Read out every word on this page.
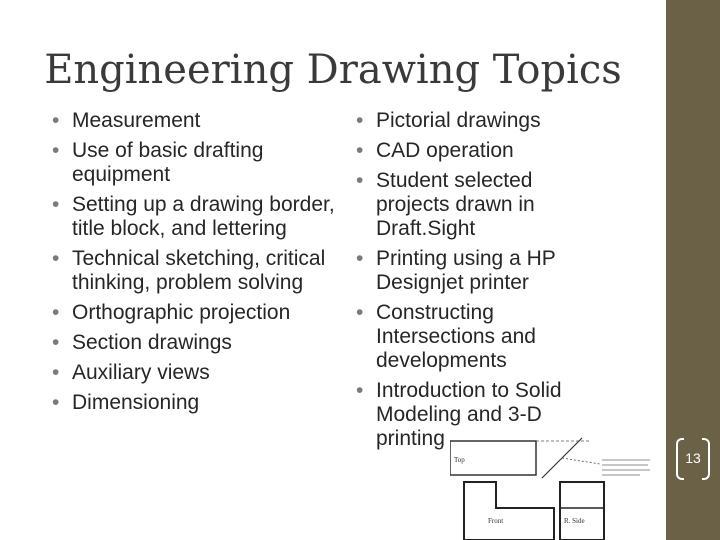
Engineering Drawing Topics
• Measurement
• Use of basic drafting equipment
• Setting up a drawing border, title block, and lettering
• Technical sketching, critical thinking, problem solving
• Orthographic projection
• Section drawings
• Auxiliary views
• Dimensioning
• Pictorial drawings
• CAD operation
• Student selected projects drawn in Draft.Sight
• Printing using a HP Designjet printer
• Constructing Intersections and developments
• Introduction to Solid Modeling and 3-D printing
Top
Front	R. Side
13
